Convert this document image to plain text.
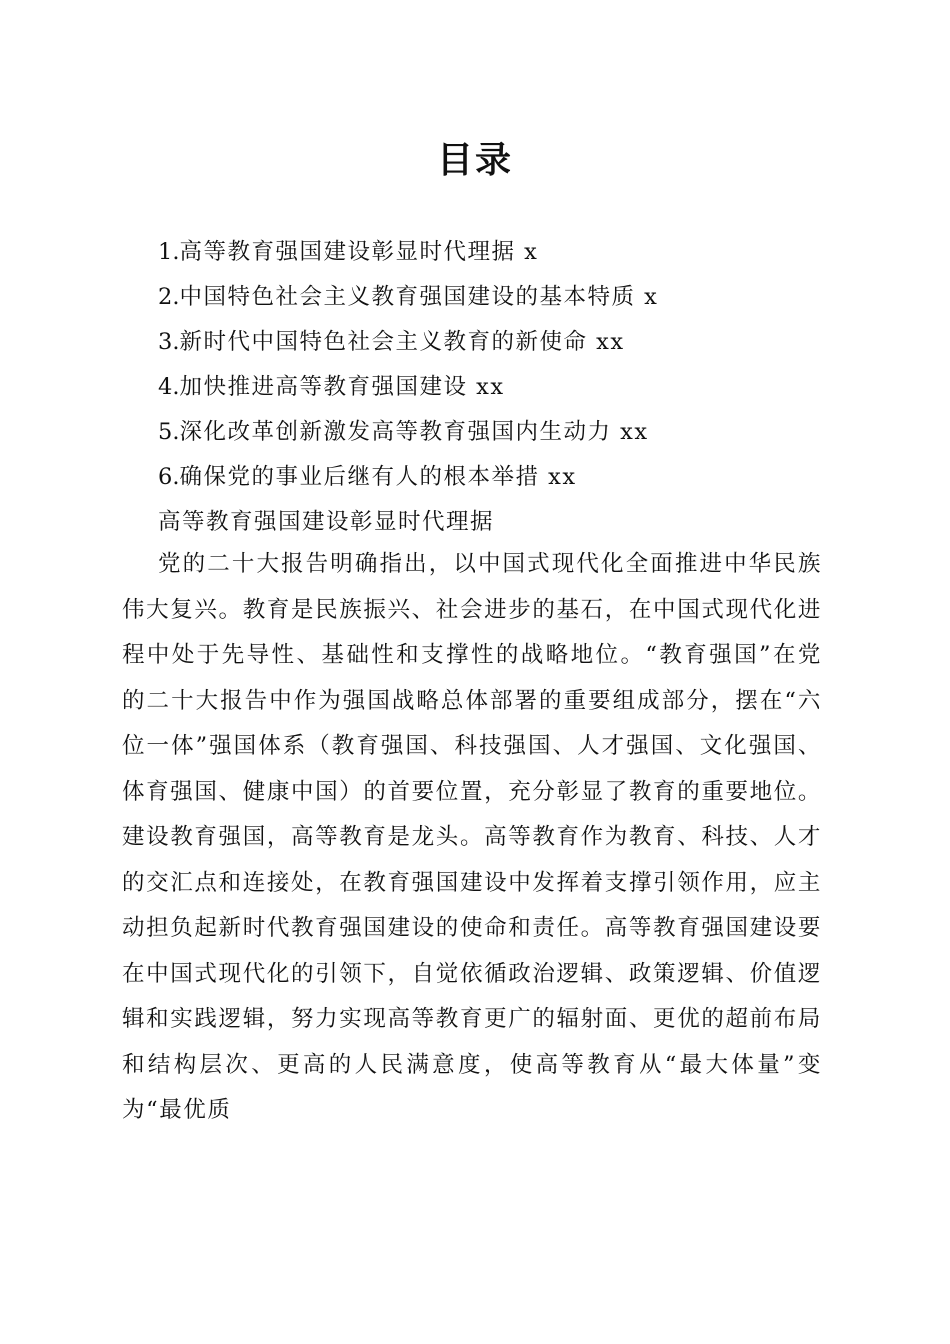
目录
1.高等教育强国建设彰显时代理据 x
2.中国特色社会主义教育强国建设的基本特质 x
3.新时代中国特色社会主义教育的新使命 xx
4.加快推进高等教育强国建设 xx
5.深化改革创新激发高等教育强国内生动力 xx
6.确保党的事业后继有人的根本举措 xx
高等教育强国建设彰显时代理据

党的二十大报告明确指出，以中国式现代化全面推进中华民族伟大复兴。教育是民族振兴、社会进步的基石，在中国式现代化进程中处于先导性、基础性和支撑性的战略地位。“教育强国”在党的二十大报告中作为强国战略总体部署的重要组成部分，摆在“六位一体”强国体系（教育强国、科技强国、人才强国、文化强国、体育强国、健康中国）的首要位置，充分彰显了教育的重要地位。建设教育强国，高等教育是龙头。高等教育作为教育、科技、人才的交汇点和连接处，在教育强国建设中发挥着支撑引领作用，应主动担负起新时代教育强国建设的使命和责任。高等教育强国建设要在中国式现代化的引领下，自觉依循政治逻辑、政策逻辑、价值逻辑和实践逻辑，努力实现高等教育更广的辐射面、更优的超前布局和结构层次、更高的人民满意度，使高等教育从“最大体量”变为“最优质
